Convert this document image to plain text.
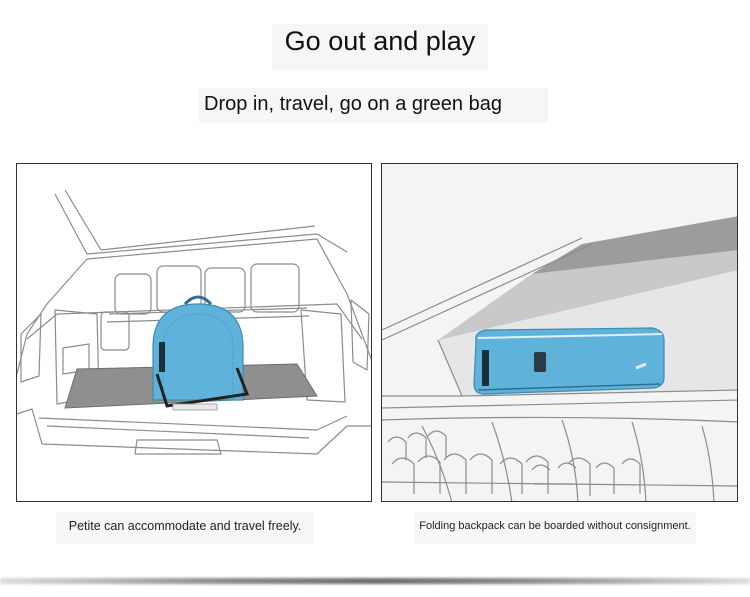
Go out and play
Drop in, travel, go on a green bag
Petite can accommodate and travel freely.	Folding backpack can be boarded without consignment.
